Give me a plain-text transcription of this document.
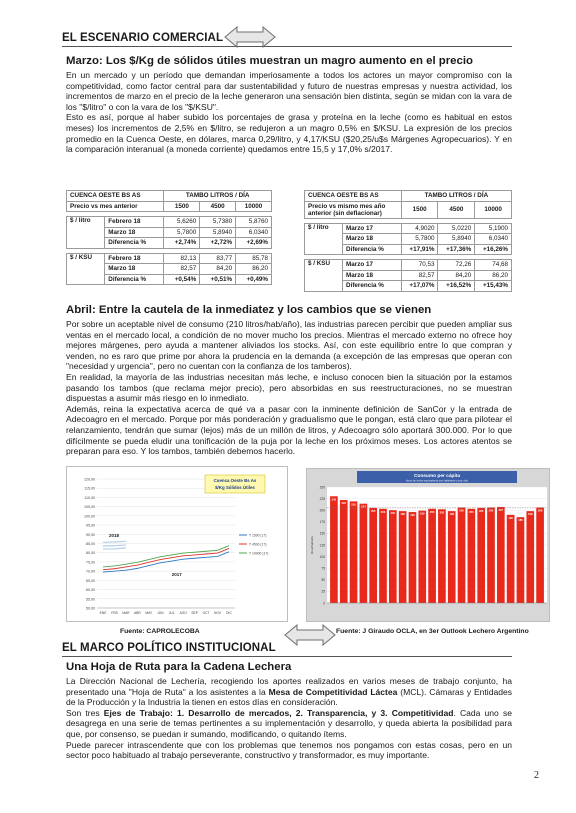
EL ESCENARIO COMERCIAL
Marzo: Los $/Kg de sólidos útiles muestran un magro aumento en el precio

En un mercado y un período que demandan imperiosamente a todos los actores un mayor compromiso con la competitividad, como factor central para dar sustentabilidad y futuro de nuestras empresas y nuestra actividad, los incrementos de marzo en el precio de la leche generaron una sensación bien distinta, según se midan con la vara de los "$/litro" o con la vara de los "$/KSU".

Esto es así, porque al haber subido los porcentajes de grasa y proteína en la leche (como es habitual en estos meses) los incrementos de 2,5% en $/litro, se redujeron a un magro 0,5% en $/KSU. La expresión de los precios promedio en la Cuenca Oeste, en dólares, marca 0,29/litro, y 4,17/KSU ($20,25/u$s Márgenes Agropecuarios). Y en la comparación interanual (a moneda corriente) quedamos entre 15,5 y 17,0% s/2017.

CUENCA OESTE BS AS		TAMBO LITROS / DÍA		
Precio vs mes anterior		1500	4500	10000

$ / litro	Febrero 18	5,6260	5,7380	5,8760
	Marzo 18	5,7800	5,8940	6,0340
	Diferencia %	+2,74%	+2,72%	+2,69%

$ / KSU	Febrero 18	82,13	83,77	85,78
	Marzo 18	82,57	84,20	86,20
	Diferencia %	+0,54%	+0,51%	+0,49%
CUENCA OESTE BS AS		TAMBO LITROS / DÍA		
Precio vs mismo mes año
anterior (sin deflacionar)		1500	4500	10000

$ / litro	Marzo 17	4,9020	5,0220	5,1900
	Marzo 18	5,7800	5,8940	6,0340
	Diferencia %	+17,91%	+17,36%	+16,26%

$ / KSU	Marzo 17	70,53	72,26	74,68
	Marzo 18	82,57	84,20	86,20
	Diferencia %	+17,07%	+16,52%	+15,43%
Abril: Entre la cautela de la inmediatez y los cambios que se vienen

Por sobre un aceptable nivel de consumo (210 litros/hab/año), las industrias parecen percibir que pueden ampliar sus ventas en el mercado local, a condición de no mover mucho los precios. Mientras el mercado externo no ofrece hoy mejores márgenes, pero ayuda a mantener aliviados los stocks. Así, con este equilibrio entre lo que compran y venden, no es raro que prime por ahora la prudencia en la demanda (a excepción de las empresas que operan con "necesidad y urgencia", pero no cuentan con la confianza de los tamberos).

En realidad, la mayoría de las industrias necesitan más leche, e incluso conocen bien la situación por la estamos pasando los tambos (que reclama mejor precio), pero absorbidas en sus reestructuraciones, no se muestran dispuestas a asumir más riesgo en lo inmediato.

Además, reina la expectativa acerca de qué va a pasar con la inminente definición de SanCor y la entrada de Adecoagro en el mercado. Porque por más ponderación y gradualismo que le pongan, está claro que para pilotear el relanzamiento, tendrán que sumar (lejos) más de un millón de litros, y Adecoagro sólo aportará 300.000. Por lo que difícilmente se pueda eludir una tonificación de la puja por la leche en los próximos meses. Los actores atentos se preparan para eso. Y los tambos, también debemos hacerlo.

50,00
55,00
60,00
65,00
70,00
75,00
80,00
85,00
90,00
95,00
100,00
105,00
110,00
115,00
120,00
ENE FEB MAR ABR MAY JUN JUL AGO SEP OCT NOV DIC
2018
2017
Cuenca Oeste Bs As
$/Kg Sólidos Útiles
T 1500 (17)
T 4500 (17)
T 10000 (17)
Consumo per cápita
litros de leche equivalente por habitante y por año
0
25
50
75
100
125
150
175
200
225
250
litros/hab/año
230
222 219
214
205 203 200 198 196 199
203 202
198
206 203 205 206 207
190
185
198
206
Fuente: CAPROLECOBA	Fuente: J Giraudo OCLA, en 3er Outlook Lechero Argentino
EL MARCO POLÍTICO INSTITUCIONAL
Una Hoja de Ruta para la Cadena Lechera

La Dirección Nacional de Lechería, recogiendo los aportes realizados en varios meses de trabajo conjunto, ha presentado una "Hoja de Ruta" a los asistentes a la Mesa de Competitividad Láctea (MCL). Cámaras y Entidades de la Producción y la Industria la tienen en estos días en consideración.

Son tres Ejes de Trabajo: 1. Desarrollo de mercados, 2. Transparencia, y 3. Competitividad. Cada uno se desagrega en una serie de temas pertinentes a su implementación y desarrollo, y queda abierta la posibilidad para que, por consenso, se puedan ir sumando, modificando, o quitando ítems.

Puede parecer intrascendente que con los problemas que tenemos nos pongamos con estas cosas, pero en un sector poco habituado al trabajo perseverante, constructivo y transformador, es muy importante.

2
